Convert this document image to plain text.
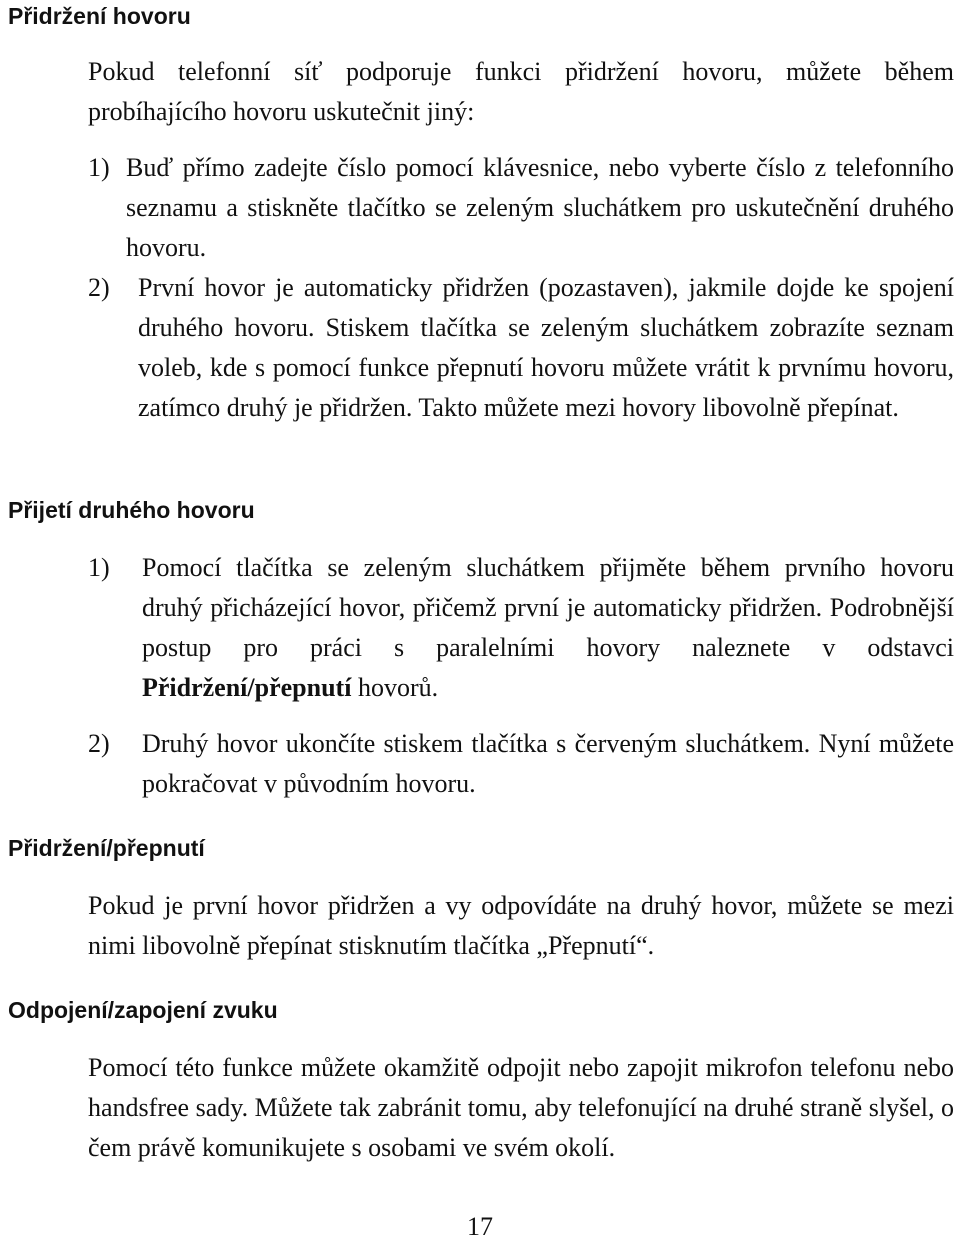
Přidržení hovoru

Pokud telefonní síť podporuje funkci přidržení hovoru, můžete během probíhajícího hovoru uskutečnit jiný:

1) Buď přímo zadejte číslo pomocí klávesnice, nebo vyberte číslo z telefonního seznamu a stiskněte tlačítko se zeleným sluchátkem pro uskutečnění druhého hovoru.
2)	První hovor je automaticky přidržen (pozastaven), jakmile dojde ke spojení druhého hovoru. Stiskem tlačítka se zeleným sluchátkem zobrazíte seznam voleb, kde s pomocí funkce přepnutí hovoru můžete vrátit k prvnímu hovoru, zatímco druhý je přidržen. Takto můžete mezi hovory libovolně přepínat.
Přijetí druhého hovoru
1)	Pomocí tlačítka se zeleným sluchátkem přijměte během prvního hovoru druhý přicházející hovor, přičemž první je automaticky přidržen. Podrobnější postup pro práci s paralelními hovory naleznete v odstavci Přidržení/přepnutí hovorů.
2)	Druhý hovor ukončíte stiskem tlačítka s červeným sluchátkem. Nyní můžete pokračovat v původním hovoru.
Přidržení/přepnutí

Pokud je první hovor přidržen a vy odpovídáte na druhý hovor, můžete se mezi nimi libovolně přepínat stisknutím tlačítka „Přepnutí“.

Odpojení/zapojení zvuku

Pomocí této funkce můžete okamžitě odpojit nebo zapojit mikrofon telefonu nebo handsfree sady. Můžete tak zabránit tomu, aby telefonující na druhé straně slyšel, o čem právě komunikujete s osobami ve svém okolí.

17
